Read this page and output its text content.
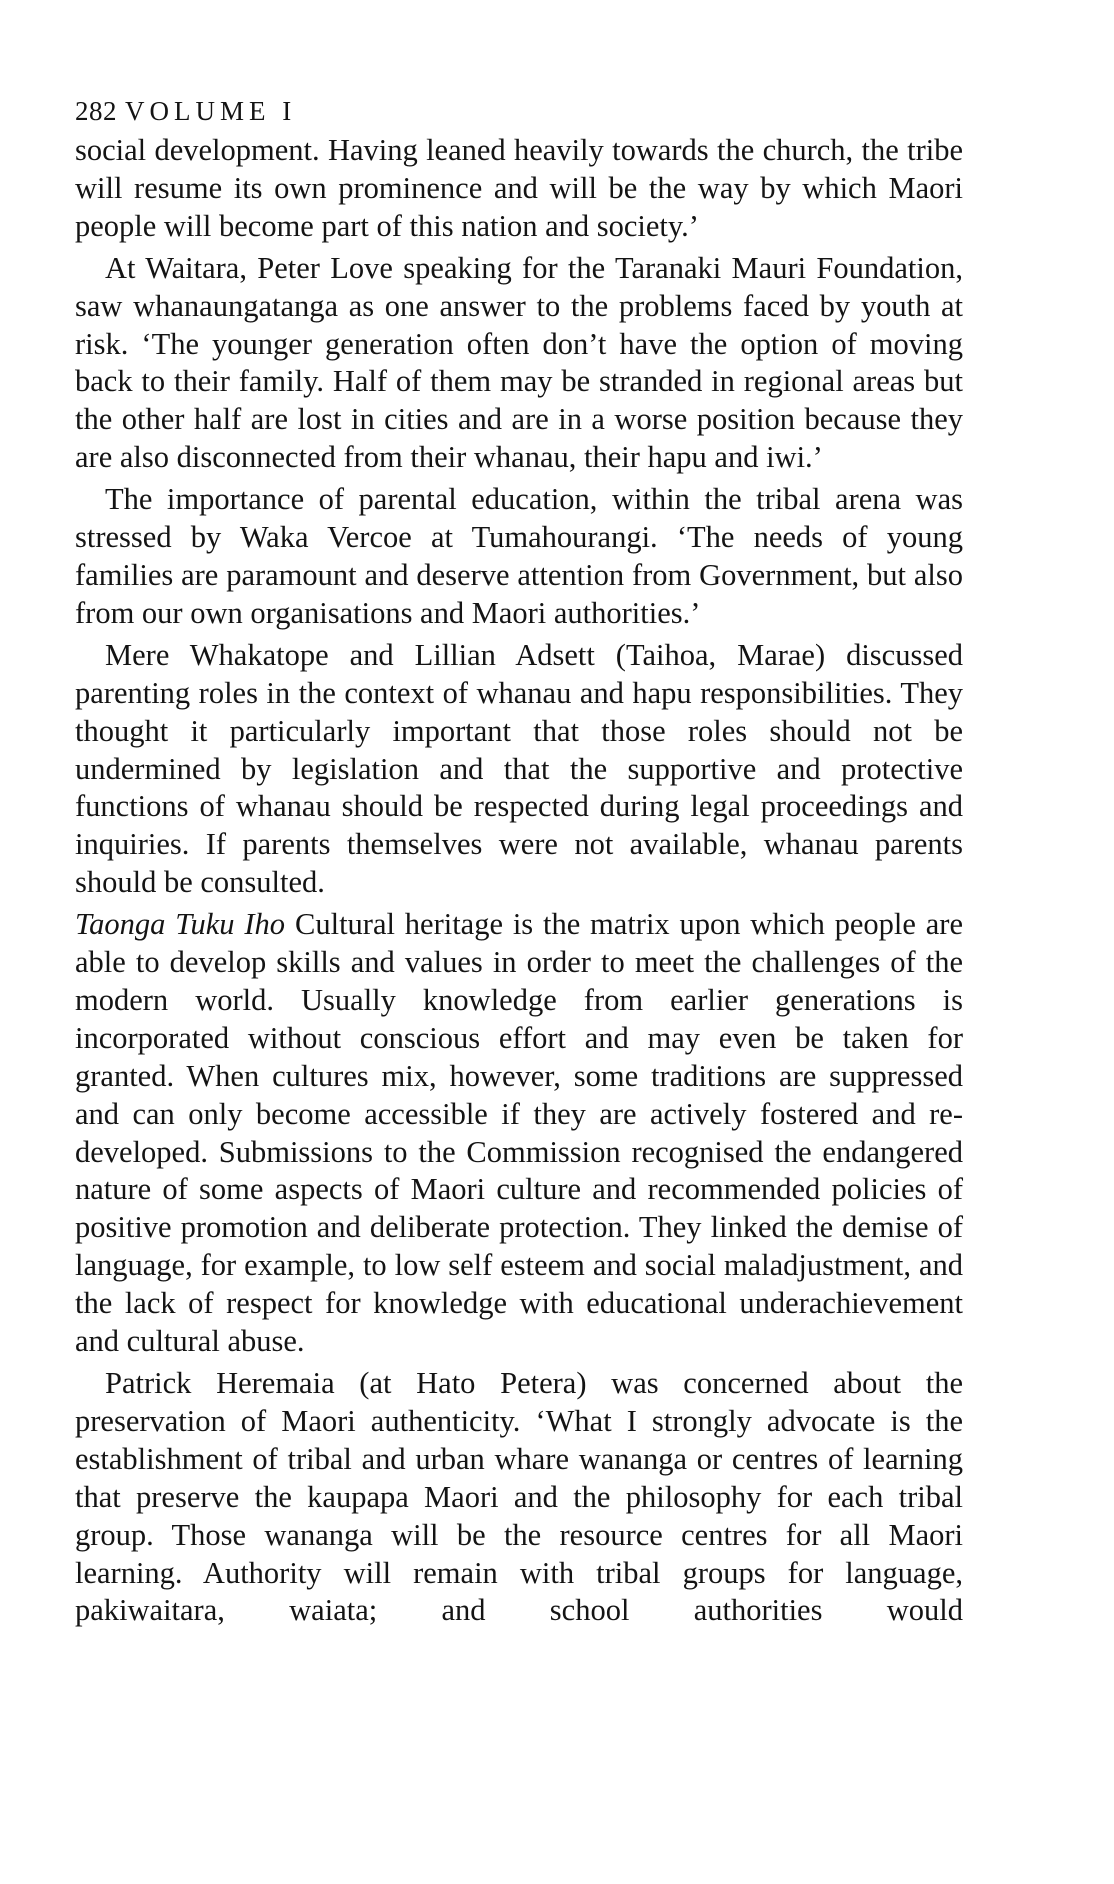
282 VOLUME I

social development. Having leaned heavily towards the church, the tribe will resume its own prominence and will be the way by which Maori people will become part of this nation and society.’

At Waitara, Peter Love speaking for the Taranaki Mauri Foundation, saw whanaungatanga as one answer to the problems faced by youth at risk. ‘The younger generation often don’t have the option of moving back to their family. Half of them may be stranded in regional areas but the other half are lost in cities and are in a worse position because they are also disconnected from their whanau, their hapu and iwi.’

The importance of parental education, within the tribal arena was stressed by Waka Vercoe at Tumahourangi. ‘The needs of young families are paramount and deserve attention from Government, but also from our own organisations and Maori authorities.’

Mere Whakatope and Lillian Adsett (Taihoa, Marae) discussed parenting roles in the context of whanau and hapu responsibilities. They thought it particularly important that those roles should not be undermined by legislation and that the supportive and protective functions of whanau should be respected during legal proceedings and inquiries. If parents themselves were not available, whanau parents should be consulted.

Taonga Tuku Iho Cultural heritage is the matrix upon which people are able to develop skills and values in order to meet the challenges of the modern world. Usually knowledge from earlier generations is incorporated without conscious effort and may even be taken for granted. When cultures mix, however, some traditions are suppressed and can only become accessible if they are actively fostered and re-developed. Submissions to the Commission recognised the endangered nature of some aspects of Maori culture and recommended policies of positive promotion and deliberate protection. They linked the demise of language, for example, to low self esteem and social maladjustment, and the lack of respect for knowledge with educational underachievement and cultural abuse.

Patrick Heremaia (at Hato Petera) was concerned about the preservation of Maori authenticity. ‘What I strongly advocate is the establishment of tribal and urban whare wananga or centres of learning that preserve the kaupapa Maori and the philosophy for each tribal group. Those wananga will be the resource centres for all Maori learning. Authority will remain with tribal groups for language, pakiwaitara, waiata; and school authorities would
